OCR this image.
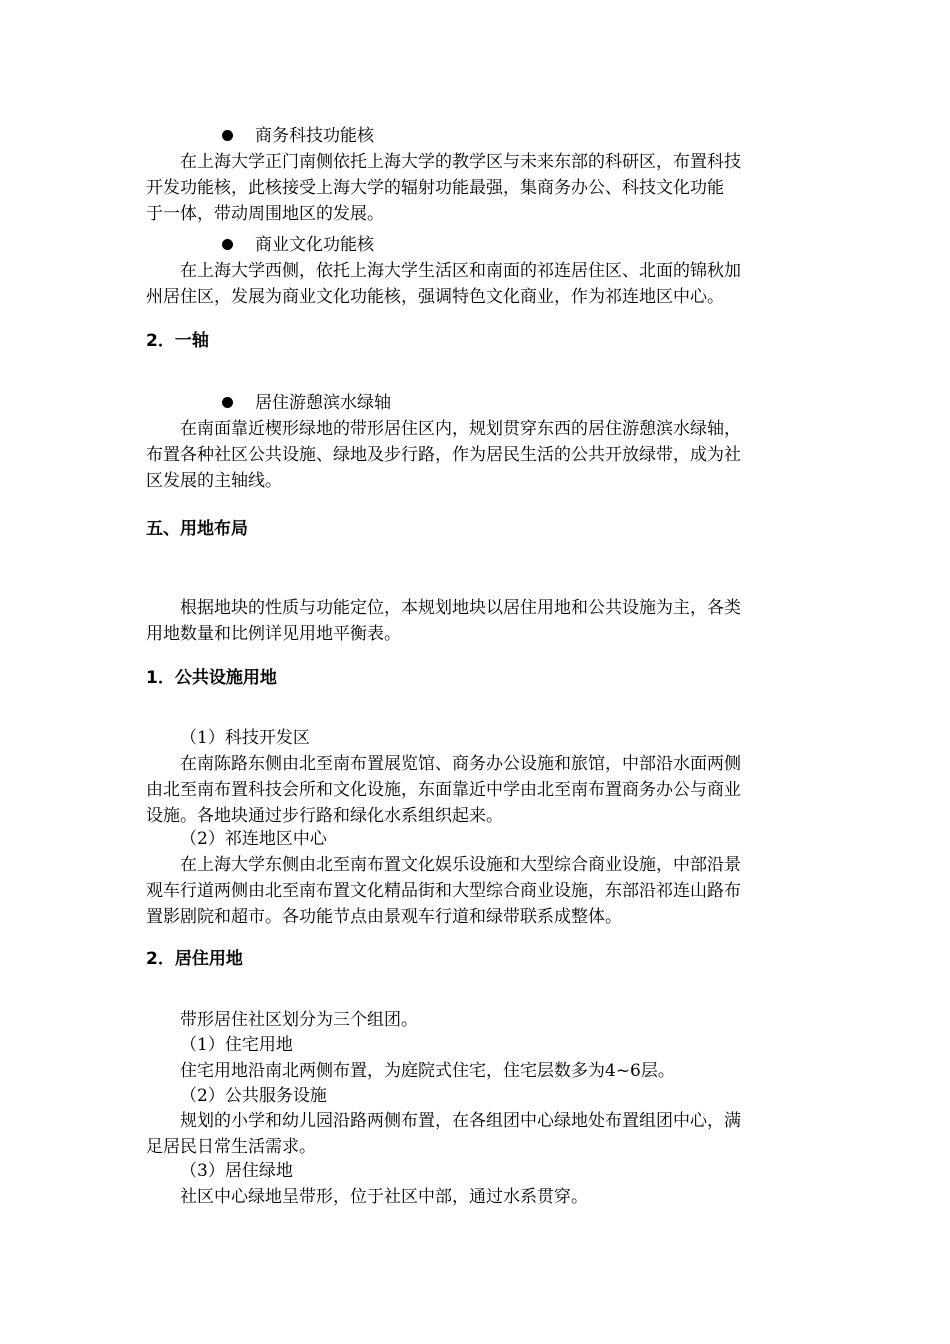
商务科技功能核

在上海大学正门南侧依托上海大学的教学区与未来东部的科研区，布置科技
开发功能核，此核接受上海大学的辐射功能最强，集商务办公、科技文化功能
于一体，带动周围地区的发展。

商业文化功能核

在上海大学西侧，依托上海大学生活区和南面的祁连居住区、北面的锦秋加
州居住区，发展为商业文化功能核，强调特色文化商业，作为祁连地区中心。

2．一轴

居住游憩滨水绿轴

在南面靠近楔形绿地的带形居住区内，规划贯穿东西的居住游憩滨水绿轴，
布置各种社区公共设施、绿地及步行路，作为居民生活的公共开放绿带，成为社
区发展的主轴线。

五、用地布局

根据地块的性质与功能定位，本规划地块以居住用地和公共设施为主，各类
用地数量和比例详见用地平衡表。

1．公共设施用地

（1）科技开发区

在南陈路东侧由北至南布置展览馆、商务办公设施和旅馆，中部沿水面两侧
由北至南布置科技会所和文化设施，东面靠近中学由北至南布置商务办公与商业
设施。各地块通过步行路和绿化水系组织起来。

（2）祁连地区中心

在上海大学东侧由北至南布置文化娱乐设施和大型综合商业设施，中部沿景
观车行道两侧由北至南布置文化精品街和大型综合商业设施，东部沿祁连山路布
置影剧院和超市。各功能节点由景观车行道和绿带联系成整体。

2．居住用地

带形居住社区划分为三个组团。

（1）住宅用地

住宅用地沿南北两侧布置，为庭院式住宅，住宅层数多为4~6层。

（2）公共服务设施

规划的小学和幼儿园沿路两侧布置，在各组团中心绿地处布置组团中心，满
足居民日常生活需求。

（3）居住绿地

社区中心绿地呈带形，位于社区中部，通过水系贯穿。
